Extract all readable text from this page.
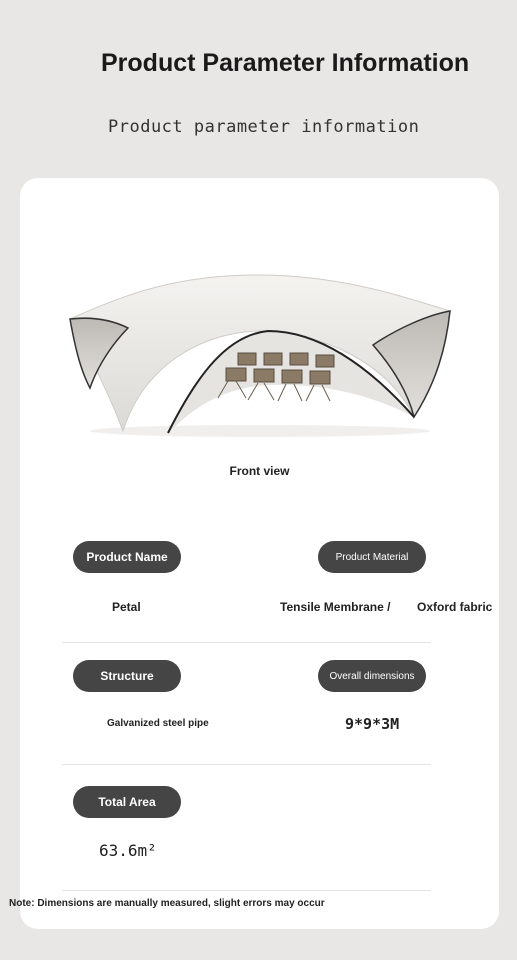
Product Parameter Information
Product parameter information
Front view
Product Name	Product Material
Petal	Tensile Membrane / Oxford fabric
Structure	Overall dimensions
Galvanized steel pipe	9*9*3M
Total Area
63.6m²
Note: Dimensions are manually measured, slight errors may occur
